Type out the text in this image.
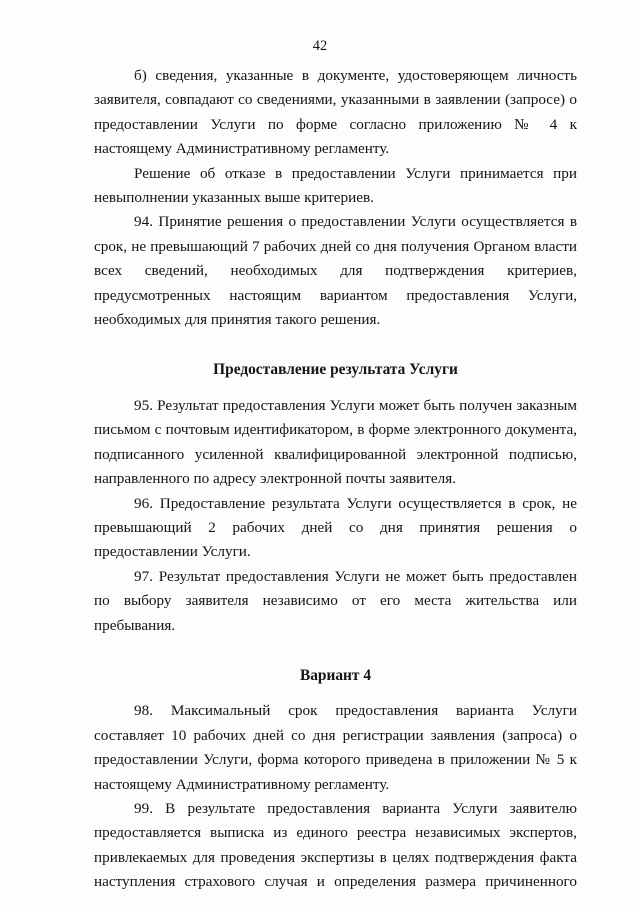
42

б) сведения, указанные в документе, удостоверяющем личность заявителя, совпадают со сведениями, указанными в заявлении (запросе) о предоставлении Услуги по форме согласно приложению № 4 к настоящему Административному регламенту.

Решение об отказе в предоставлении Услуги принимается при невыполнении указанных выше критериев.

94. Принятие решения о предоставлении Услуги осуществляется в срок, не превышающий 7 рабочих дней со дня получения Органом власти всех сведений, необходимых для подтверждения критериев, предусмотренных настоящим вариантом предоставления Услуги, необходимых для принятия такого решения.

Предоставление результата Услуги

95. Результат предоставления Услуги может быть получен заказным письмом с почтовым идентификатором, в форме электронного документа, подписанного усиленной квалифицированной электронной подписью, направленного по адресу электронной почты заявителя.

96. Предоставление результата Услуги осуществляется в срок, не превышающий 2 рабочих дней со дня принятия решения о предоставлении Услуги.

97. Результат предоставления Услуги не может быть предоставлен по выбору заявителя независимо от его места жительства или пребывания.

Вариант 4

98. Максимальный срок предоставления варианта Услуги составляет 10 рабочих дней со дня регистрации заявления (запроса) о предоставлении Услуги, форма которого приведена в приложении № 5 к настоящему Административному регламенту.

99. В результате предоставления варианта Услуги заявителю предоставляется выписка из единого реестра независимых экспертов, привлекаемых для проведения экспертизы в целях подтверждения факта наступления страхового случая и определения размера причиненного
